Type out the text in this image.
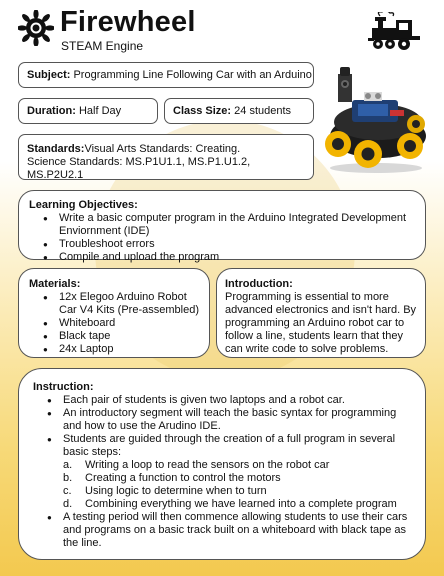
Firewheel
STEAM Engine
Subject: Programming Line Following Car with an Arduino
Duration: Half Day	Class Size: 24 students
Standards:Visual Arts Standards: Creating.
Science Standards: MS.P1U1.1, MS.P1.U1.2, MS.P2U2.1
Learning Objectives:
● Write a basic computer program in the Arduino Integrated Development Enviornment (IDE)
● Troubleshoot errors
● Compile and upload the program
Materials:
● 12x Elegoo Arduino Robot Car V4 Kits (Pre-assembled)
● Whiteboard
● Black tape
● 24x Laptop
Introduction:
Programming is essential to more advanced electronics and isn't hard. By programming an Arduino robot car to follow a line, students learn that they can write code to solve problems.
Instruction:
● Each pair of students is given two laptops and a robot car.
● An introductory segment will teach the basic syntax for programming and how to use the Arudino IDE.
● Students are guided through the creation of a full program in several basic steps:
a. Writing a loop to read the sensors on the robot car
b. Creating a function to control the motors
c. Using logic to determine when to turn
d. Combining everything we have learned into a complete program
● A testing period will then commence allowing students to use their cars and programs on a basic track built on a whiteboard with black tape as the line.
